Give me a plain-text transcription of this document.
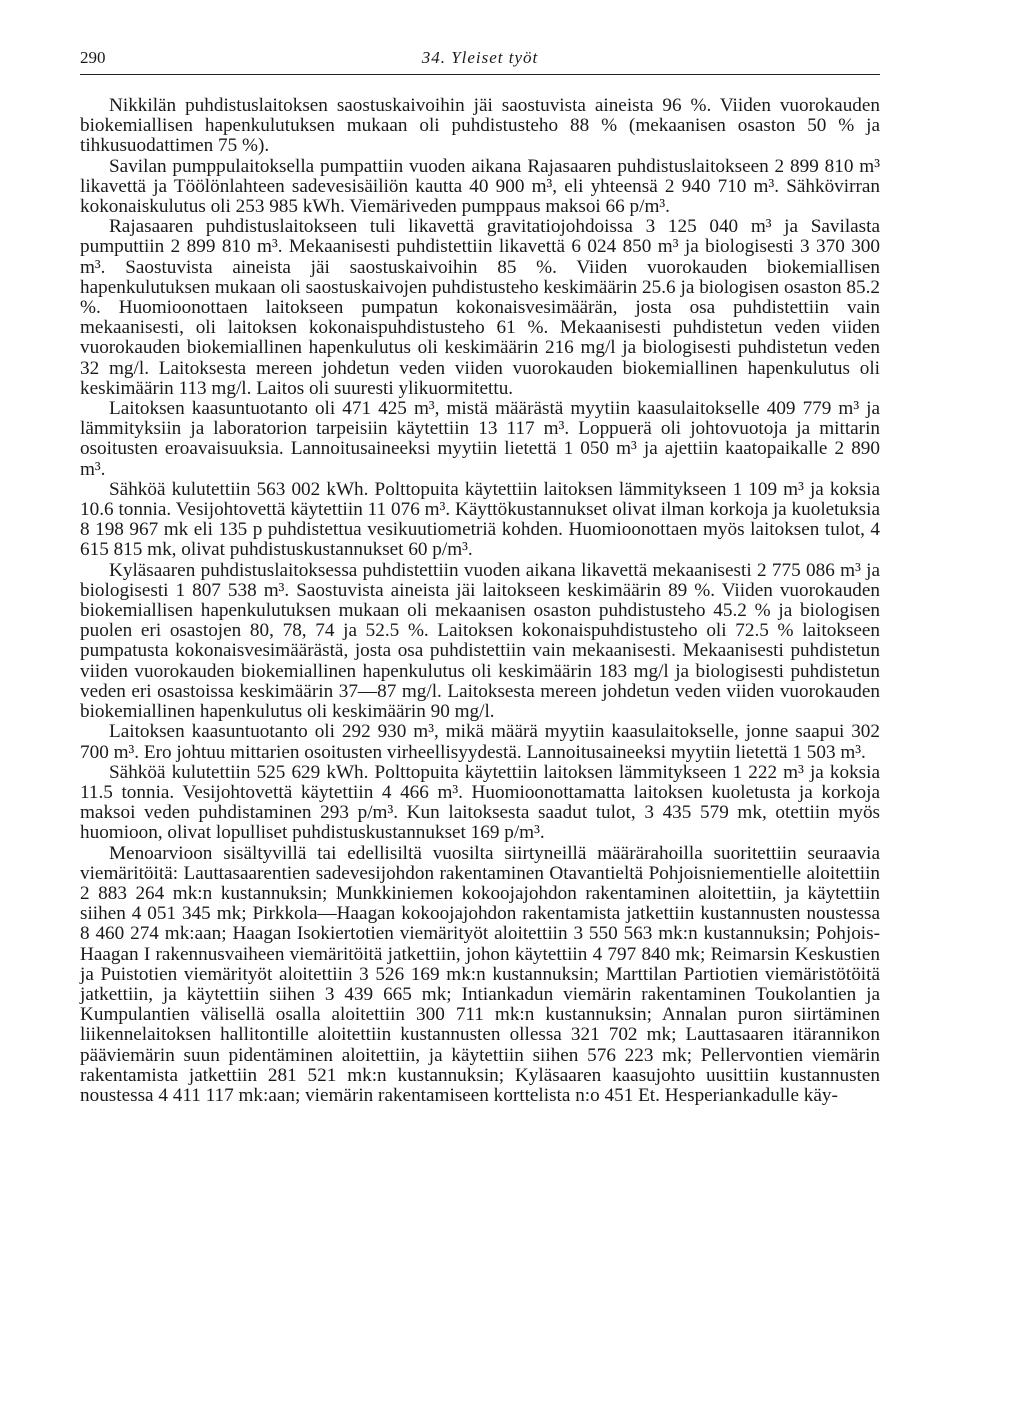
290	34. Yleiset työt

Nikkilän puhdistuslaitoksen saostuskaivoihin jäi saostuvista aineista 96 %. Viiden vuorokauden biokemiallisen hapenkulutuksen mukaan oli puhdistusteho 88 % (mekaanisen osaston 50 % ja tihkusuodattimen 75 %).

Savilan pumppulaitoksella pumpattiin vuoden aikana Rajasaaren puhdistuslaitokseen 2 899 810 m³ likavettä ja Töölönlahteen sadevesisäiliön kautta 40 900 m³, eli yhteensä 2 940 710 m³. Sähkövirran kokonaiskulutus oli 253 985 kWh. Viemäriveden pumppaus maksoi 66 p/m³.

Rajasaaren puhdistuslaitokseen tuli likavettä gravitatiojohdoissa 3 125 040 m³ ja Savilasta pumputtiin 2 899 810 m³. Mekaanisesti puhdistettiin likavettä 6 024 850 m³ ja biologisesti 3 370 300 m³. Saostuvista aineista jäi saostuskaivoihin 85 %. Viiden vuorokauden biokemiallisen hapenkulutuksen mukaan oli saostuskaivojen puhdistusteho keskimäärin 25.6 ja biologisen osaston 85.2 %. Huomioonottaen laitokseen pumpatun kokonaisvesimäärän, josta osa puhdistettiin vain mekaanisesti, oli laitoksen kokonaispuhdistusteho 61 %. Mekaanisesti puhdistetun veden viiden vuorokauden biokemiallinen hapenkulutus oli keskimäärin 216 mg/l ja biologisesti puhdistetun veden 32 mg/l. Laitoksesta mereen johdetun veden viiden vuorokauden biokemiallinen hapenkulutus oli keskimäärin 113 mg/l. Laitos oli suuresti ylikuormitettu.

Laitoksen kaasuntuotanto oli 471 425 m³, mistä määrästä myytiin kaasulaitokselle 409 779 m³ ja lämmityksiin ja laboratorion tarpeisiin käytettiin 13 117 m³. Loppuerä oli johtovuotoja ja mittarin osoitusten eroavaisuuksia. Lannoitusaineeksi myytiin lietettä 1 050 m³ ja ajettiin kaatopaikalle 2 890 m³.

Sähköä kulutettiin 563 002 kWh. Polttopuita käytettiin laitoksen lämmitykseen 1 109 m³ ja koksia 10.6 tonnia. Vesijohtovettä käytettiin 11 076 m³. Käyttökustannukset olivat ilman korkoja ja kuoletuksia 8 198 967 mk eli 135 p puhdistettua vesikuutiometriä kohden. Huomioonottaen myös laitoksen tulot, 4 615 815 mk, olivat puhdistuskustannukset 60 p/m³.

Kyläsaaren puhdistuslaitoksessa puhdistettiin vuoden aikana likavettä mekaanisesti 2 775 086 m³ ja biologisesti 1 807 538 m³. Saostuvista aineista jäi laitokseen keskimäärin 89 %. Viiden vuorokauden biokemiallisen hapenkulutuksen mukaan oli mekaanisen osaston puhdistusteho 45.2 % ja biologisen puolen eri osastojen 80, 78, 74 ja 52.5 %. Laitoksen kokonaispuhdistusteho oli 72.5 % laitokseen pumpatusta kokonaisvesimäärästä, josta osa puhdistettiin vain mekaanisesti. Mekaanisesti puhdistetun viiden vuorokauden biokemiallinen hapenkulutus oli keskimäärin 183 mg/l ja biologisesti puhdistetun veden eri osastoissa keskimäärin 37—87 mg/l. Laitoksesta mereen johdetun veden viiden vuorokauden biokemiallinen hapenkulutus oli keskimäärin 90 mg/l.

Laitoksen kaasuntuotanto oli 292 930 m³, mikä määrä myytiin kaasulaitokselle, jonne saapui 302 700 m³. Ero johtuu mittarien osoitusten virheellisyydestä. Lannoitusaineeksi myytiin lietettä 1 503 m³.

Sähköä kulutettiin 525 629 kWh. Polttopuita käytettiin laitoksen lämmitykseen 1 222 m³ ja koksia 11.5 tonnia. Vesijohtovettä käytettiin 4 466 m³. Huomioonottamatta laitoksen kuoletusta ja korkoja maksoi veden puhdistaminen 293 p/m³. Kun laitoksesta saadut tulot, 3 435 579 mk, otettiin myös huomioon, olivat lopulliset puhdistuskustannukset 169 p/m³.

Menoarvioon sisältyvillä tai edellisiltä vuosilta siirtyneillä määrärahoilla suoritettiin seuraavia viemäritöitä: Lauttasaarentien sadevesijohdon rakentaminen Otavantieltä Pohjoisniementielle aloitettiin 2 883 264 mk:n kustannuksin; Munkkiniemen kokoojajohdon rakentaminen aloitettiin, ja käytettiin siihen 4 051 345 mk; Pirkkola—Haagan kokoojajohdon rakentamista jatkettiin kustannusten noustessa 8 460 274 mk:aan; Haagan Isokiertotien viemärityöt aloitettiin 3 550 563 mk:n kustannuksin; Pohjois-Haagan I rakennusvaiheen viemäritöitä jatkettiin, johon käytettiin 4 797 840 mk; Reimarsin Keskustien ja Puistotien viemärityöt aloitettiin 3 526 169 mk:n kustannuksin; Marttilan Partiotien viemäristötöitä jatkettiin, ja käytettiin siihen 3 439 665 mk; Intiankadun viemärin rakentaminen Toukolantien ja Kumpulantien välisellä osalla aloitettiin 300 711 mk:n kustannuksin; Annalan puron siirtäminen liikennelaitoksen hallitontille aloitettiin kustannusten ollessa 321 702 mk; Lauttasaaren itärannikon pääviemärin suun pidentäminen aloitettiin, ja käytettiin siihen 576 223 mk; Pellervontien viemärin rakentamista jatkettiin 281 521 mk:n kustannuksin; Kyläsaaren kaasujohto uusittiin kustannusten noustessa 4 411 117 mk:aan; viemärin rakentamiseen korttelista n:o 451 Et. Hesperiankadulle käy-
